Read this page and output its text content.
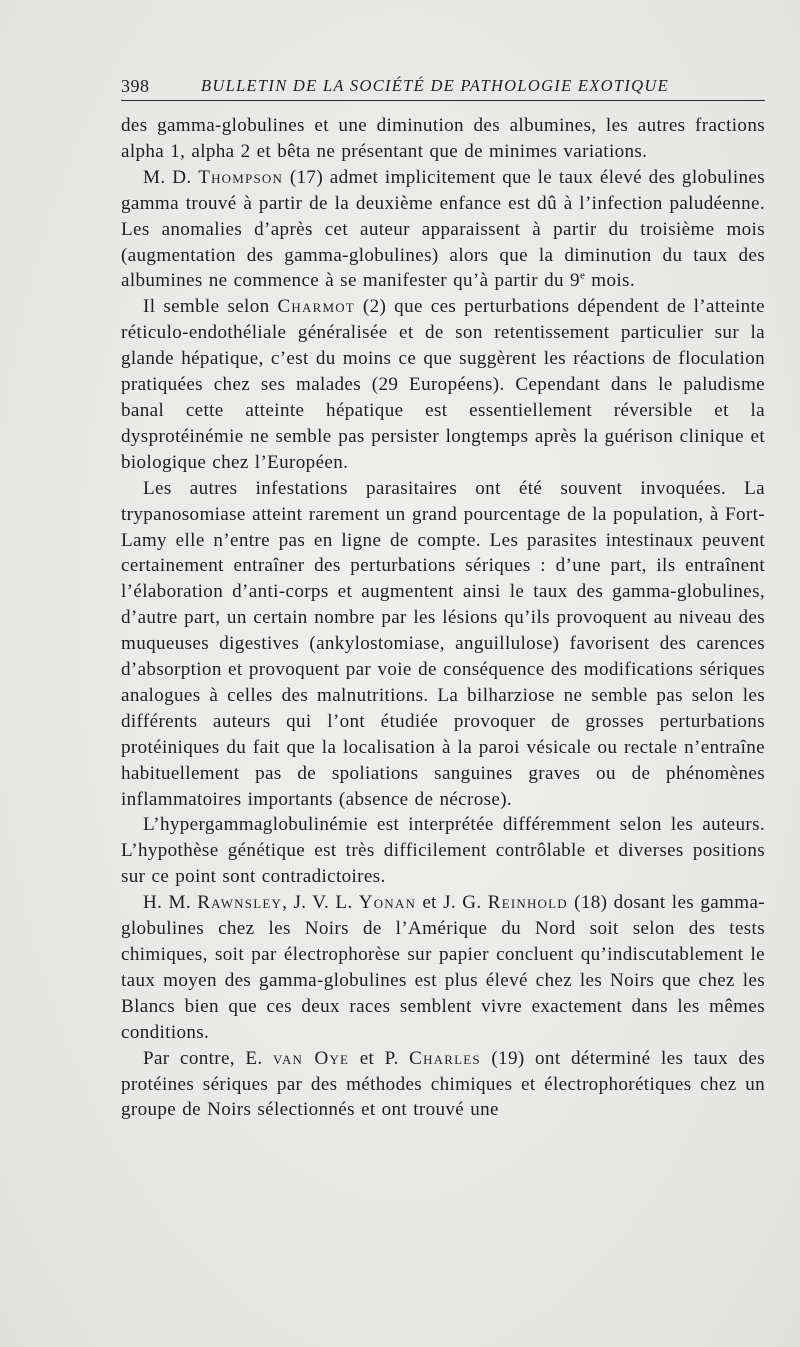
398	BULLETIN DE LA SOCIÉTÉ DE PATHOLOGIE EXOTIQUE

des gamma-globulines et une diminution des albumines, les autres fractions alpha 1, alpha 2 et bêta ne présentant que de minimes variations.

M. D. Thompson (17) admet implicitement que le taux élevé des globulines gamma trouvé à partir de la deuxième enfance est dû à l’infection paludéenne. Les anomalies d’après cet auteur apparaissent à partir du troisième mois (augmentation des gamma-globulines) alors que la diminution du taux des albumines ne commence à se manifester qu’à partir du 9e mois.

Il semble selon Charmot (2) que ces perturbations dépendent de l’atteinte réticulo-endothéliale généralisée et de son retentissement particulier sur la glande hépatique, c’est du moins ce que suggèrent les réactions de floculation pratiquées chez ses malades (29 Européens). Cependant dans le paludisme banal cette atteinte hépatique est essentiellement réversible et la dysprotéinémie ne semble pas persister longtemps après la guérison clinique et biologique chez l’Européen.

Les autres infestations parasitaires ont été souvent invoquées. La trypanosomiase atteint rarement un grand pourcentage de la population, à Fort-Lamy elle n’entre pas en ligne de compte. Les parasites intestinaux peuvent certainement entraîner des perturbations sériques : d’une part, ils entraînent l’élaboration d’anti-corps et augmentent ainsi le taux des gamma-globulines, d’autre part, un certain nombre par les lésions qu’ils provoquent au niveau des muqueuses digestives (ankylostomiase, anguillulose) favorisent des carences d’absorption et provoquent par voie de conséquence des modifications sériques analogues à celles des malnutritions. La bilharziose ne semble pas selon les différents auteurs qui l’ont étudiée provoquer de grosses perturbations protéiniques du fait que la localisation à la paroi vésicale ou rectale n’entraîne habituellement pas de spoliations sanguines graves ou de phénomènes inflammatoires importants (absence de nécrose).

L’hypergammaglobulinémie est interprétée différemment selon les auteurs. L’hypothèse génétique est très difficilement contrôlable et diverses positions sur ce point sont contradictoires.

H. M. Rawnsley, J. V. L. Yonan et J. G. Reinhold (18) dosant les gamma-globulines chez les Noirs de l’Amérique du Nord soit selon des tests chimiques, soit par électrophorèse sur papier concluent qu’indiscutablement le taux moyen des gamma-globulines est plus élevé chez les Noirs que chez les Blancs bien que ces deux races semblent vivre exactement dans les mêmes conditions.

Par contre, E. van Oye et P. Charles (19) ont déterminé les taux des protéines sériques par des méthodes chimiques et électrophorétiques chez un groupe de Noirs sélectionnés et ont trouvé une
